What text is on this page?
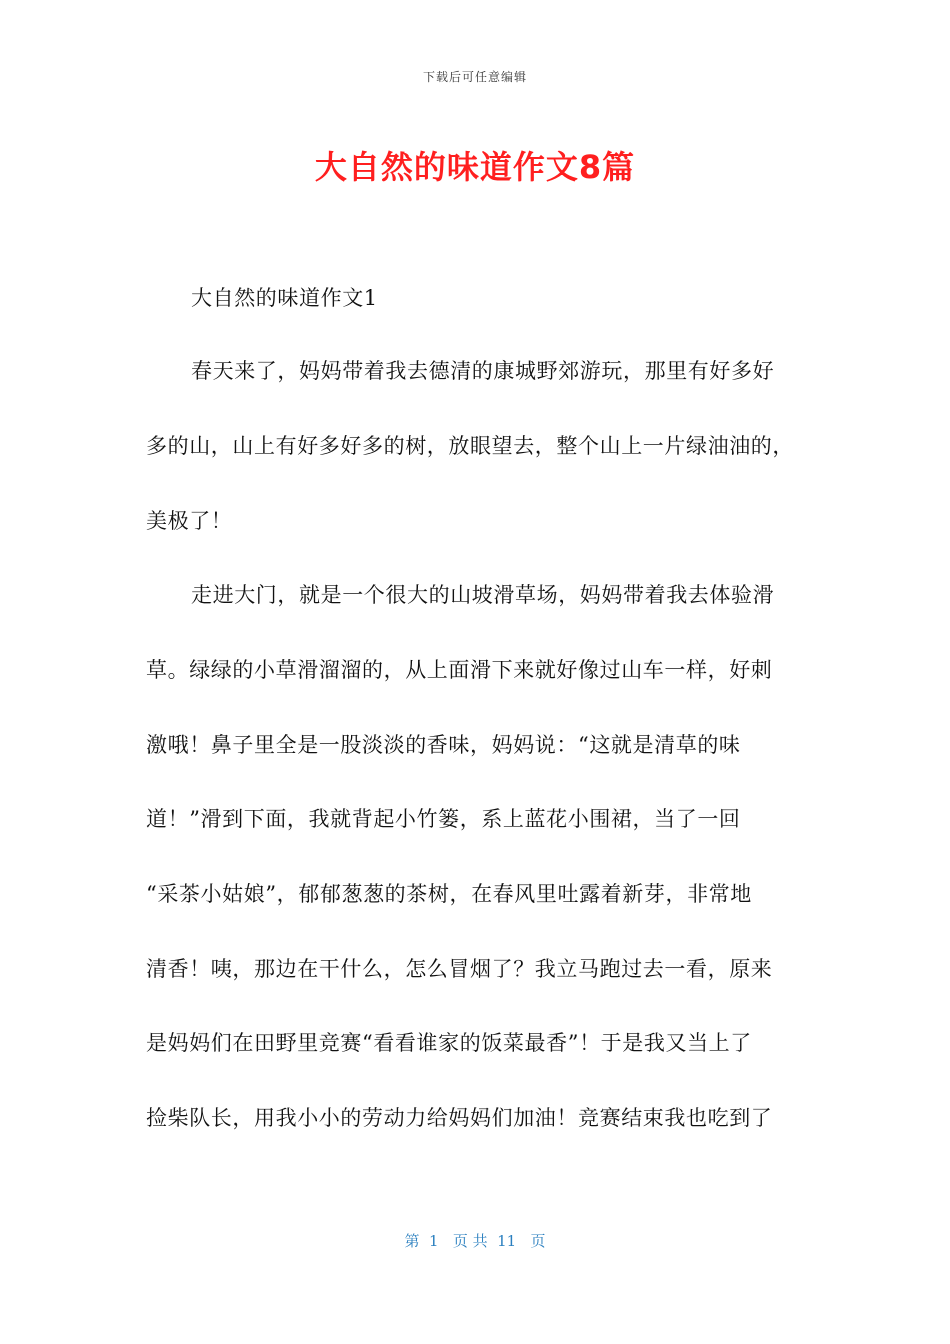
下载后可任意编辑
大自然的味道作文8篇
大自然的味道作文1
春天来了，妈妈带着我去德清的康城野郊游玩，那里有好多好
多的山，山上有好多好多的树，放眼望去，整个山上一片绿油油的，
美极了！
走进大门，就是一个很大的山坡滑草场，妈妈带着我去体验滑
草。绿绿的小草滑溜溜的，从上面滑下来就好像过山车一样，好刺
激哦！鼻子里全是一股淡淡的香味，妈妈说：“这就是清草的味
道！”滑到下面，我就背起小竹篓，系上蓝花小围裙，当了一回
“采茶小姑娘”，郁郁葱葱的茶树，在春风里吐露着新芽，非常地
清香！咦，那边在干什么，怎么冒烟了？我立马跑过去一看，原来
是妈妈们在田野里竞赛“看看谁家的饭菜最香”！于是我又当上了
捡柴队长，用我小小的劳动力给妈妈们加油！竞赛结束我也吃到了
第  1   页 共  11   页
